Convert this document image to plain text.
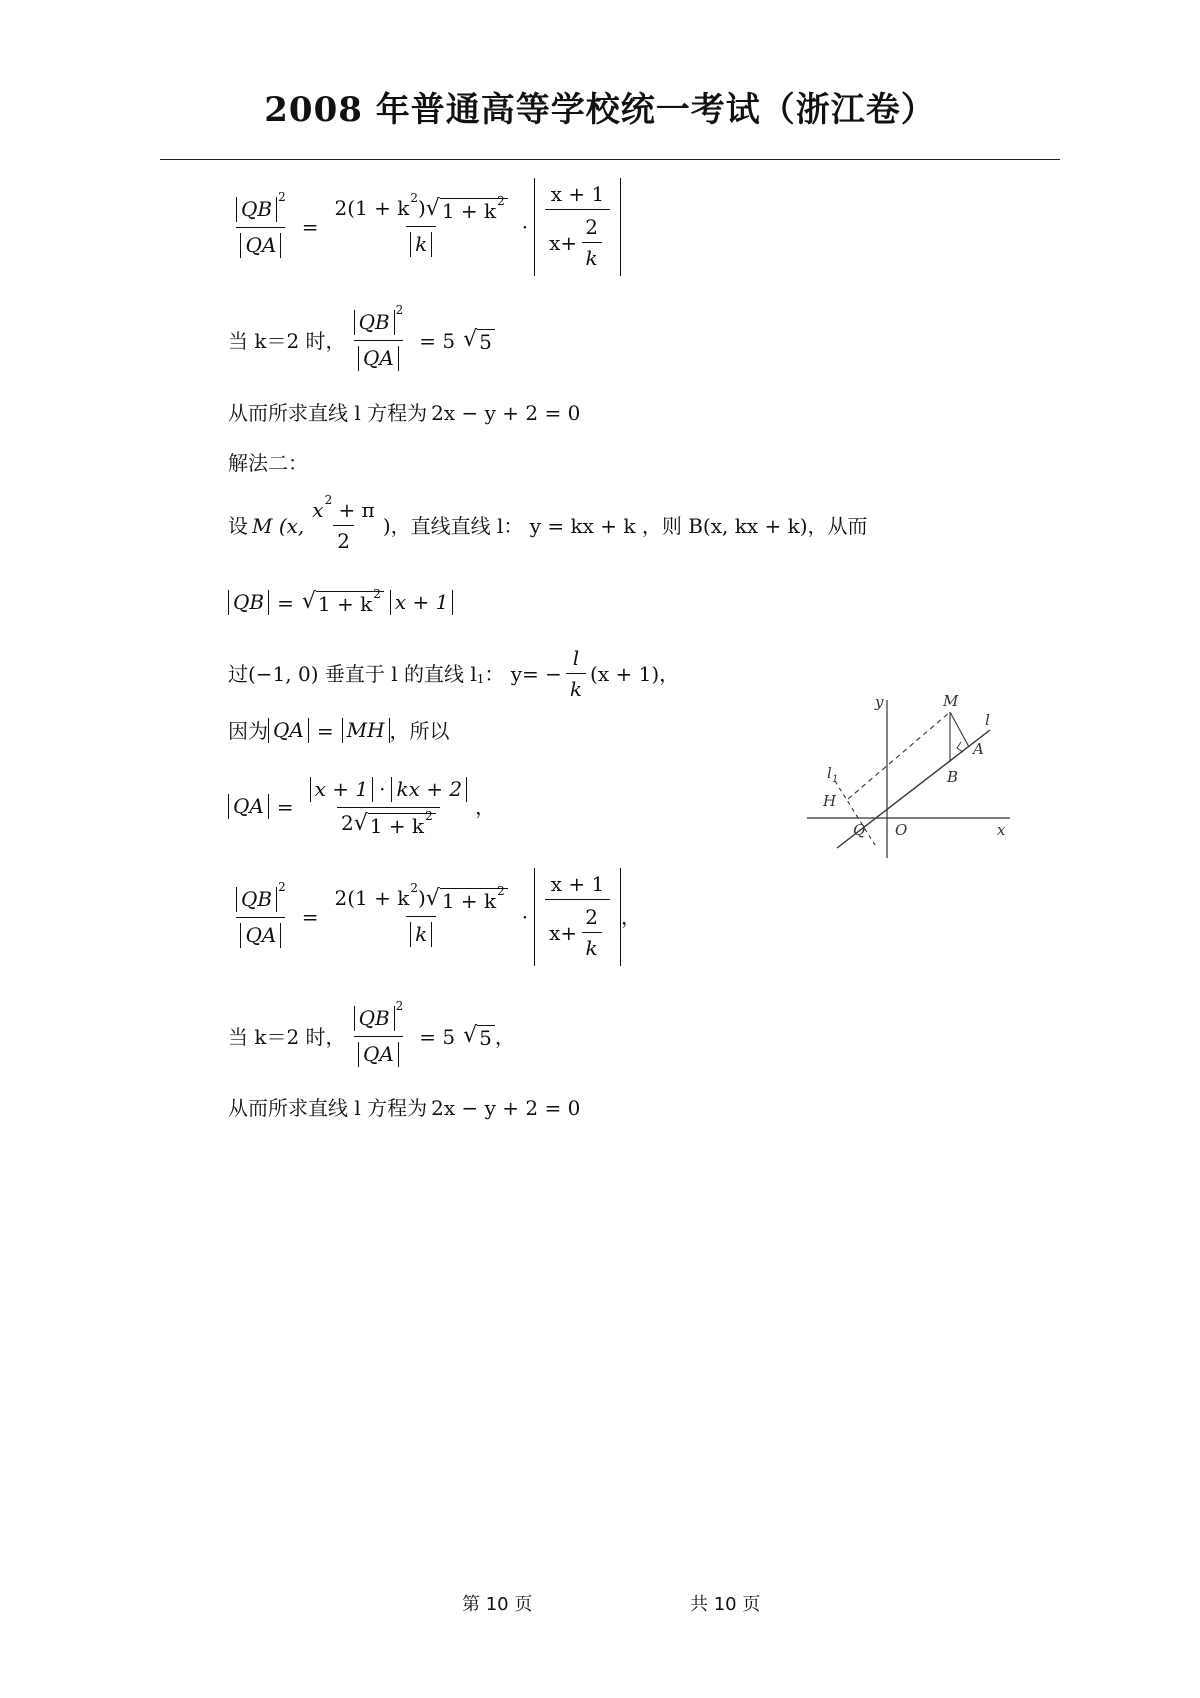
2008 年普通高等学校统一考试（浙江卷）
$\frac{QB ^2}{QA} = \frac{2(1 + k^2) √ 1 + k^2}{k} \cdot \frac{x + 1}{x+ \frac{2}{k}}$
当 k＝2 时， $\frac{QB ^2}{QA} = 5$ √ 5
从而所求直线 l 方程为 2x − y + 2 = 0
解法二：
设 M (x, $\frac{x^2 + \pi}{2}$ ) ，直线直线 l： y = kx + k ，则 B(x, kx + k)，从而
QB = √ $1 + k^2$ x + 1
过(−1, 0) 垂直于 l 的直线 l 1 ： $y= - \frac{l}{k} (x + 1)$，
因为 QA = MH ，所以
QA = $\frac{x + 1 \cdot kx + 2}{2 √ 1 + k^2}$ ，
$\frac{QB ^2}{QA} = \frac{2(1 + k^2) √ 1 + k^2}{k} \cdot \frac{x + 1}{x+ \frac{2}{k}}$ ，
当 k＝2 时， $\frac{QB ^2}{QA} = 5$ √ 5 ，
从而所求直线 l 方程为 2x − y + 2 = 0
y	M
l
A
B
l 1
H
Q O	x
第 10 页	共 10 页
